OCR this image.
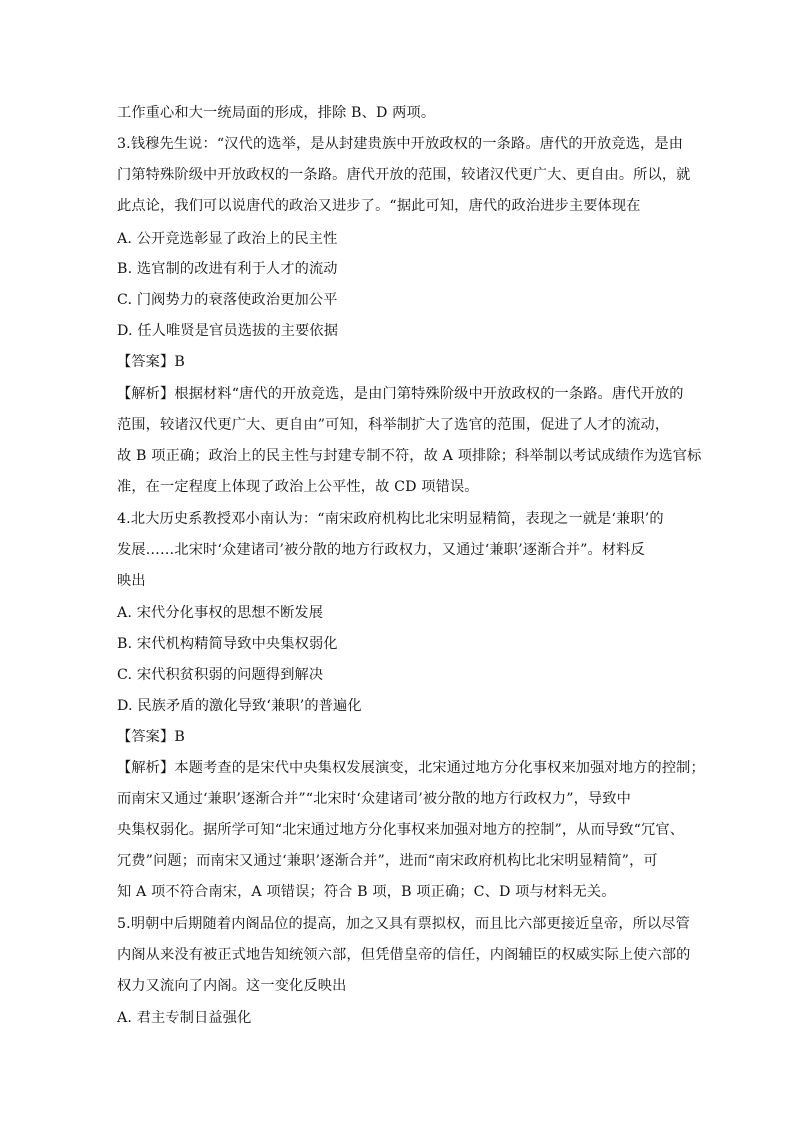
工作重心和大一统局面的形成，排除 B、D 两项。
3.钱穆先生说：“汉代的选举，是从封建贵族中开放政权的一条路。唐代的开放竞选，是由
门第特殊阶级中开放政权的一条路。唐代开放的范围，较诸汉代更广大、更自由。所以，就
此点论，我们可以说唐代的政治又进步了。“据此可知，唐代的政治进步主要体现在
A. 公开竞选彰显了政治上的民主性
B. 选官制的改进有利于人才的流动
C. 门阀势力的衰落使政治更加公平
D. 任人唯贤是官员选拔的主要依据
【答案】B
【解析】根据材料“唐代的开放竞选，是由门第特殊阶级中开放政权的一条路。唐代开放的
范围，较诸汉代更广大、更自由”可知，科举制扩大了选官的范围，促进了人才的流动，
故 B 项正确；政治上的民主性与封建专制不符，故 A 项排除；科举制以考试成绩作为选官标
准，在一定程度上体现了政治上公平性，故 CD 项错误。
4.北大历史系教授邓小南认为：“南宋政府机构比北宋明显精简，表现之一就是‘兼职’的
发展……北宋时‘众建诸司’被分散的地方行政权力，又通过‘兼职’逐渐合并”。材料反
映出
A. 宋代分化事权的思想不断发展
B. 宋代机构精简导致中央集权弱化
C. 宋代积贫积弱的问题得到解决
D. 民族矛盾的激化导致‘兼职’的普遍化
【答案】B
【解析】本题考查的是宋代中央集权发展演变，北宋通过地方分化事权来加强对地方的控制；
而南宋又通过‘兼职’逐渐合并”“北宋时‘众建诸司’被分散的地方行政权力”，导致中
央集权弱化。据所学可知“北宋通过地方分化事权来加强对地方的控制”，从而导致“冗官、
冗费”问题；而南宋又通过‘兼职’逐渐合并”，进而“南宋政府机构比北宋明显精简”，可
知 A 项不符合南宋，A 项错误；符合 B 项，B 项正确；C、D 项与材料无关。
5.明朝中后期随着内阁品位的提高，加之又具有票拟权，而且比六部更接近皇帝，所以尽管
内阁从来没有被正式地告知统领六部，但凭借皇帝的信任，内阁辅臣的权威实际上使六部的
权力又流向了内阁。这一变化反映出
A. 君主专制日益强化
